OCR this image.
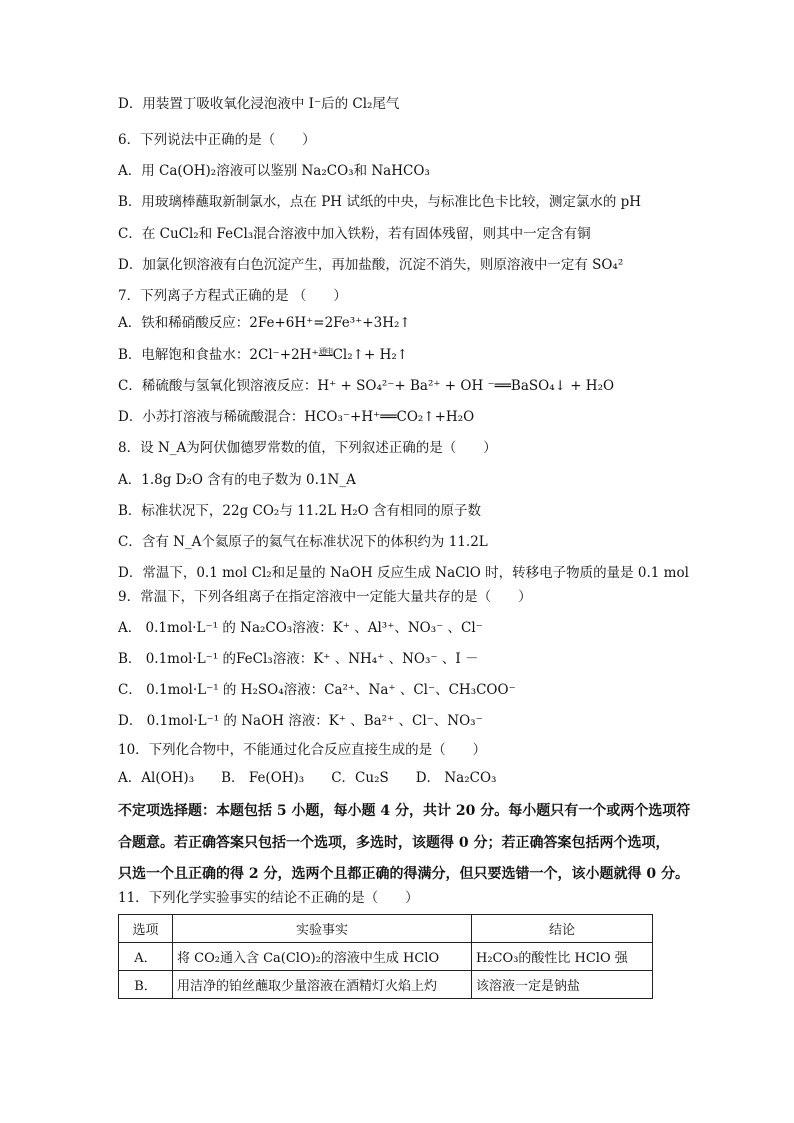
D．用装置丁吸收氧化浸泡液中 I⁻后的 Cl₂尾气
6．下列说法中正确的是（　　）
A．用 Ca(OH)₂溶液可以鉴别 Na₂CO₃和 NaHCO₃
B．用玻璃棒蘸取新制氯水，点在 PH 试纸的中央，与标准比色卡比较，测定氯水的 pH
C．在 CuCl₂和 FeCl₃混合溶液中加入铁粉，若有固体残留，则其中一定含有铜
D．加氯化钡溶液有白色沉淀产生，再加盐酸，沉淀不消失，则原溶液中一定有 SO₄²
7．下列离子方程式正确的是 （　　）
A．铁和稀硝酸反应：2Fe+6H⁺=2Fe³⁺+3H₂↑
B．电解饱和食盐水：2Cl⁻+2H⁺通电Cl₂↑+ H₂↑
C．稀硫酸与氢氧化钡溶液反应：H⁺ + SO₄²⁻+ Ba²⁺ + OH ⁻══BaSO₄↓ + H₂O
D．小苏打溶液与稀硫酸混合：HCO₃⁻+H⁺══CO₂↑+H₂O
8．设 N_A为阿伏伽德罗常数的值，下列叙述正确的是（　　）
A．1.8g D₂O 含有的电子数为 0.1N_A
B．标准状况下，22g CO₂与 11.2L H₂O 含有相同的原子数
C．含有 N_A个氦原子的氦气在标准状况下的体积约为 11.2L
D．常温下，0.1 mol Cl₂和足量的 NaOH 反应生成 NaClO 时，转移电子物质的量是 0.1 mol
9．常温下，下列各组离子在指定溶液中一定能大量共存的是（　　）
A． 0.1mol·L⁻¹ 的 Na₂CO₃溶液：K⁺ 、Al³⁺、NO₃⁻ 、Cl⁻
B． 0.1mol·L⁻¹ 的FeCl₃溶液：K⁺ 、NH₄⁺ 、NO₃⁻ 、I －
C． 0.1mol·L⁻¹ 的 H₂SO₄溶液：Ca²⁺、Na⁺ 、Cl⁻、CH₃COO⁻
D． 0.1mol·L⁻¹ 的 NaOH 溶液：K⁺ 、Ba²⁺ 、Cl⁻、NO₃⁻
10．下列化合物中，不能通过化合反应直接生成的是（　　）
A．Al(OH)₃　　B． Fe(OH)₃　　C．Cu₂S　　D． Na₂CO₃
不定项选择题：本题包括 5 小题，每小题 4 分，共计 20 分。每小题只有一个或两个选项符
合题意。若正确答案只包括一个选项，多选时，该题得 0 分；若正确答案包括两个选项，
只选一个且正确的得 2 分，选两个且都正确的得满分，但只要选错一个，该小题就得 0 分。
11．下列化学实验事实的结论不正确的是（　　）
选项	实验事实	结论
A．	将 CO₂通入含 Ca(ClO)₂的溶液中生成 HClO	H₂CO₃的酸性比 HClO 强
B．	用洁净的铂丝蘸取少量溶液在酒精灯火焰上灼	该溶液一定是钠盐
